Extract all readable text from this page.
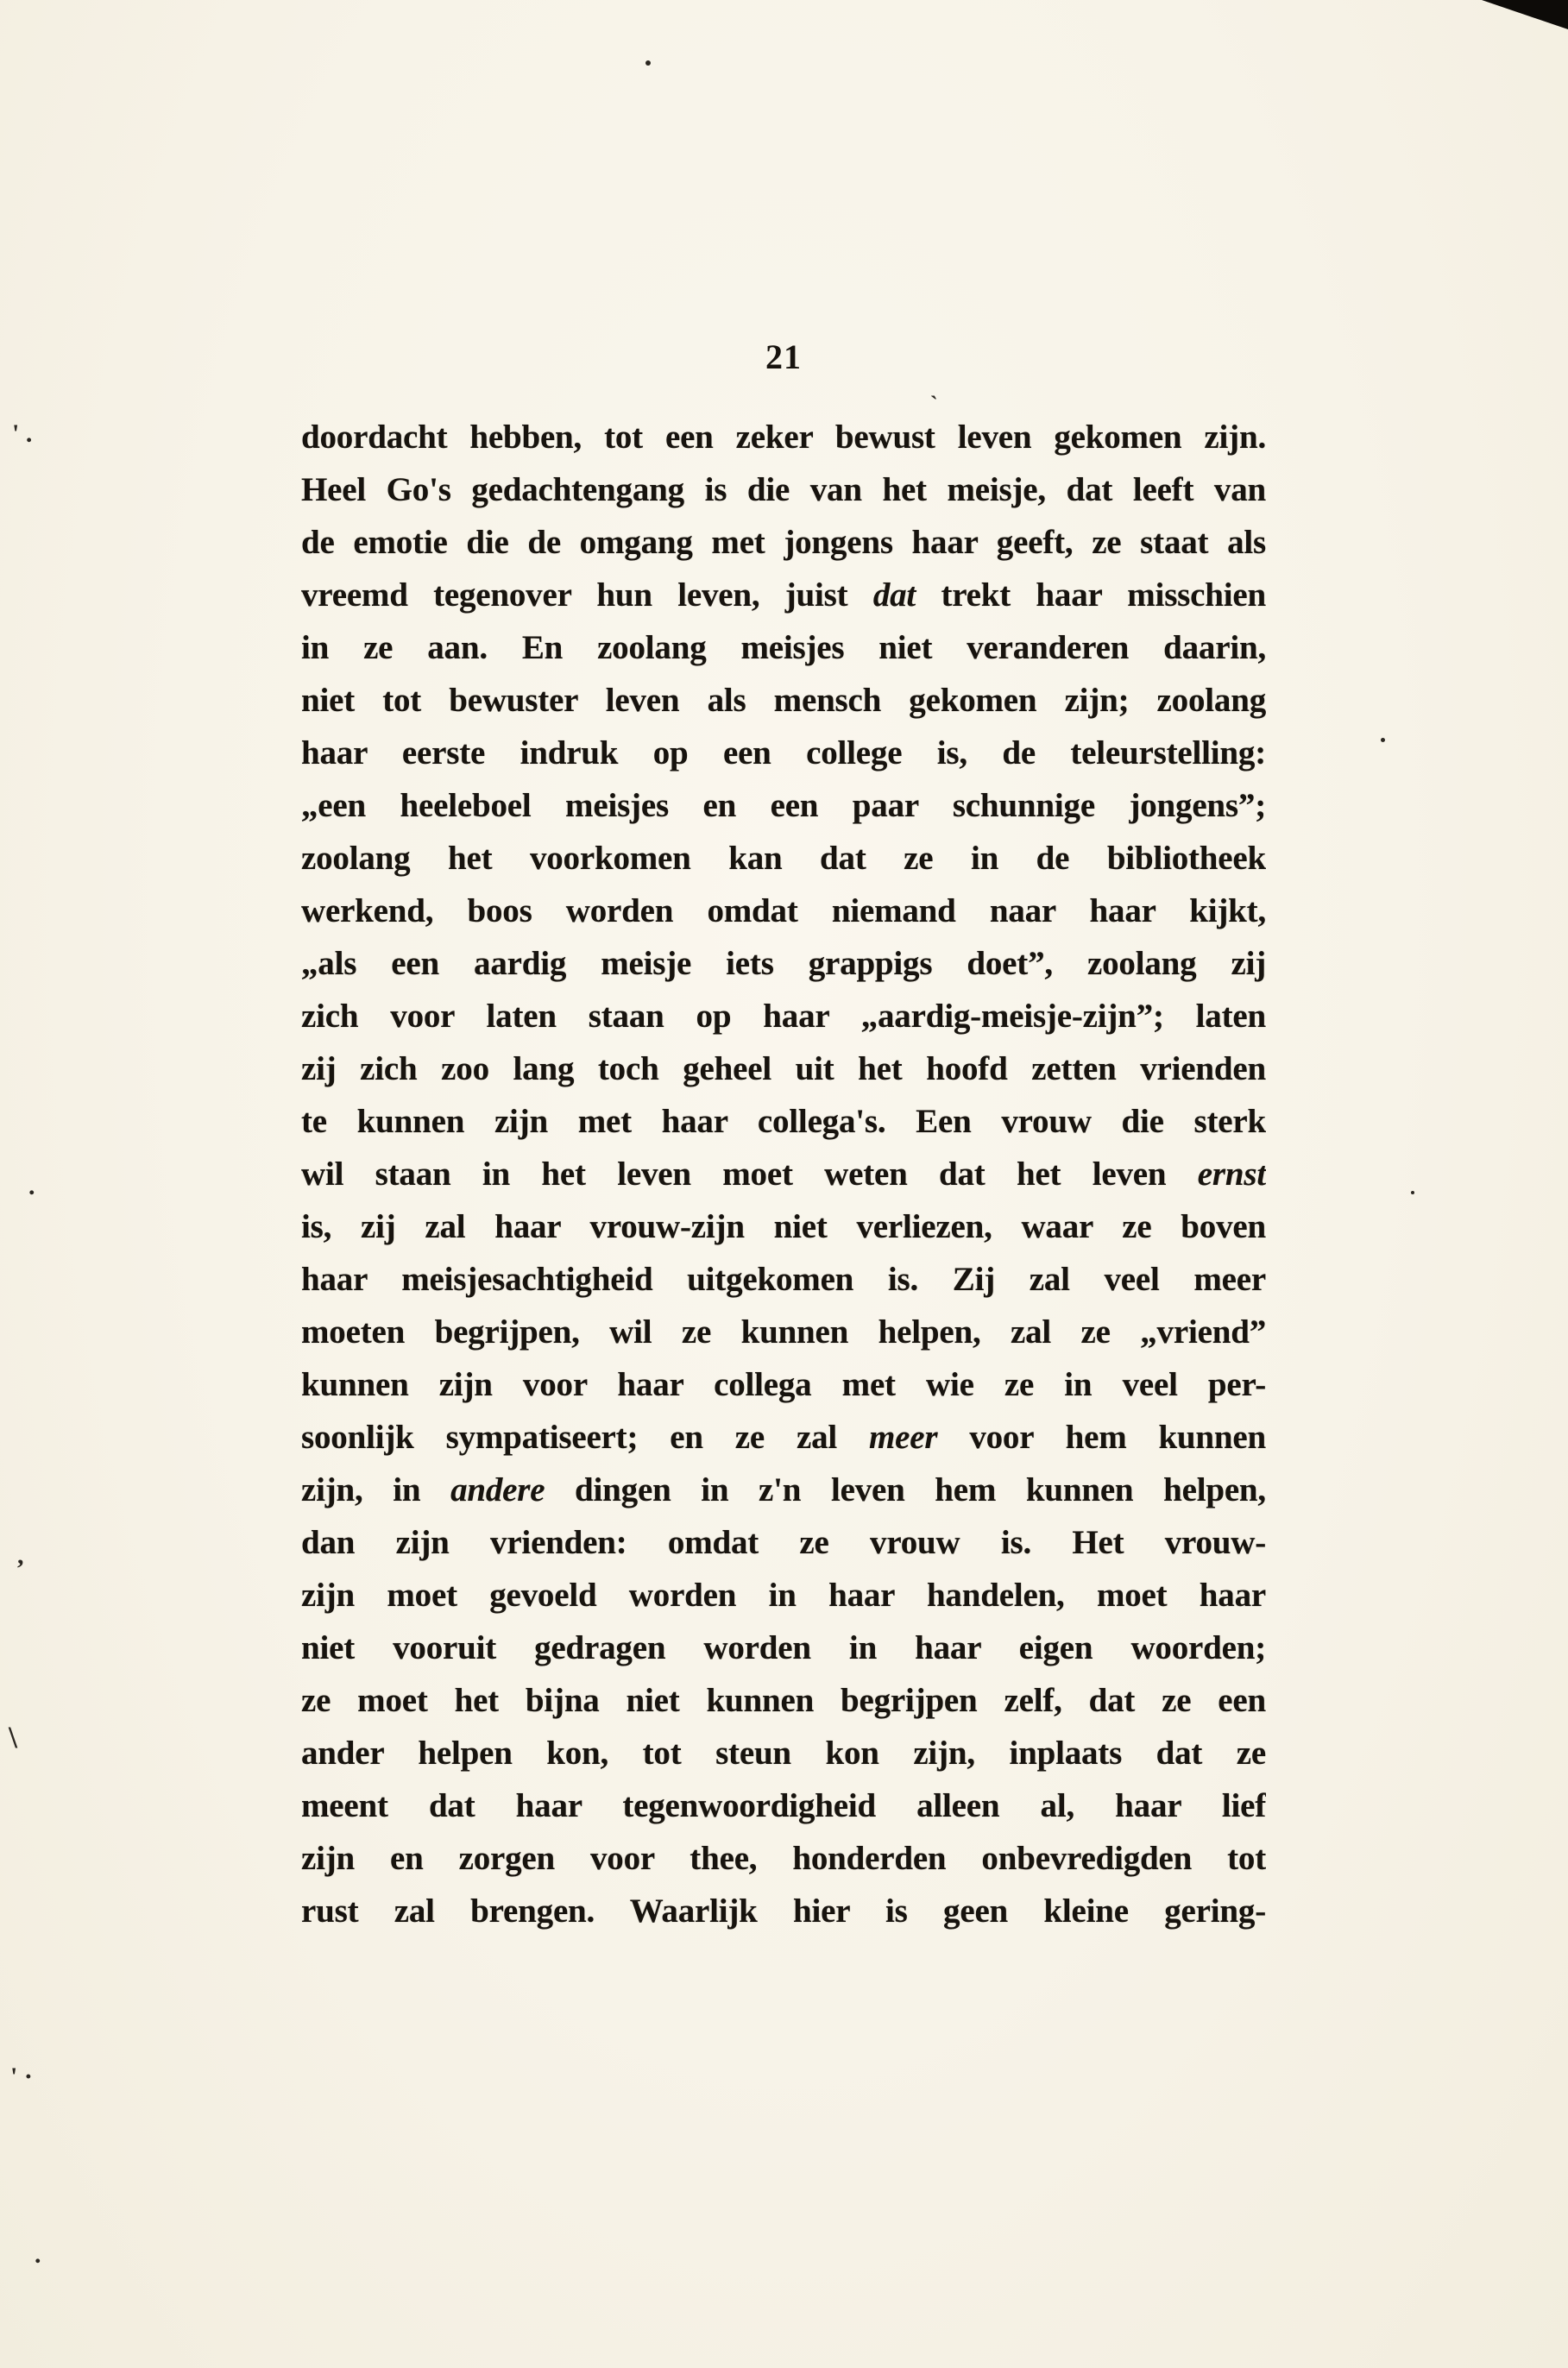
' .
.
,
\
' ·
.
`
21
doordacht hebben, tot een zeker bewust leven gekomen zijn.
Heel Go's gedachtengang is die van het meisje, dat leeft van
de emotie die de omgang met jongens haar geeft, ze staat als
vreemd tegenover hun leven, juist dat trekt haar misschien
in ze aan. En zoolang meisjes niet veranderen daarin,
niet tot bewuster leven als mensch gekomen zijn; zoolang
haar eerste indruk op een college is, de teleurstelling:
„een heeleboel meisjes en een paar schunnige jongens”;
zoolang het voorkomen kan dat ze in de bibliotheek
werkend, boos worden omdat niemand naar haar kijkt,
„als een aardig meisje iets grappigs doet”, zoolang zij
zich voor laten staan op haar „aardig-meisje-zijn”; laten
zij zich zoo lang toch geheel uit het hoofd zetten vrienden
te kunnen zijn met haar collega's. Een vrouw die sterk
wil staan in het leven moet weten dat het leven ernst
is, zij zal haar vrouw-zijn niet verliezen, waar ze boven
haar meisjesachtigheid uitgekomen is. Zij zal veel meer
moeten begrijpen, wil ze kunnen helpen, zal ze „vriend”
kunnen zijn voor haar collega met wie ze in veel per-
soonlijk sympatiseert; en ze zal meer voor hem kunnen
zijn, in andere dingen in z'n leven hem kunnen helpen,
dan zijn vrienden: omdat ze vrouw is. Het vrouw-
zijn moet gevoeld worden in haar handelen, moet haar
niet vooruit gedragen worden in haar eigen woorden;
ze moet het bijna niet kunnen begrijpen zelf, dat ze een
ander helpen kon, tot steun kon zijn, inplaats dat ze
meent dat haar tegenwoordigheid alleen al, haar lief
zijn en zorgen voor thee, honderden onbevredigden tot
rust zal brengen. Waarlijk hier is geen kleine gering-
